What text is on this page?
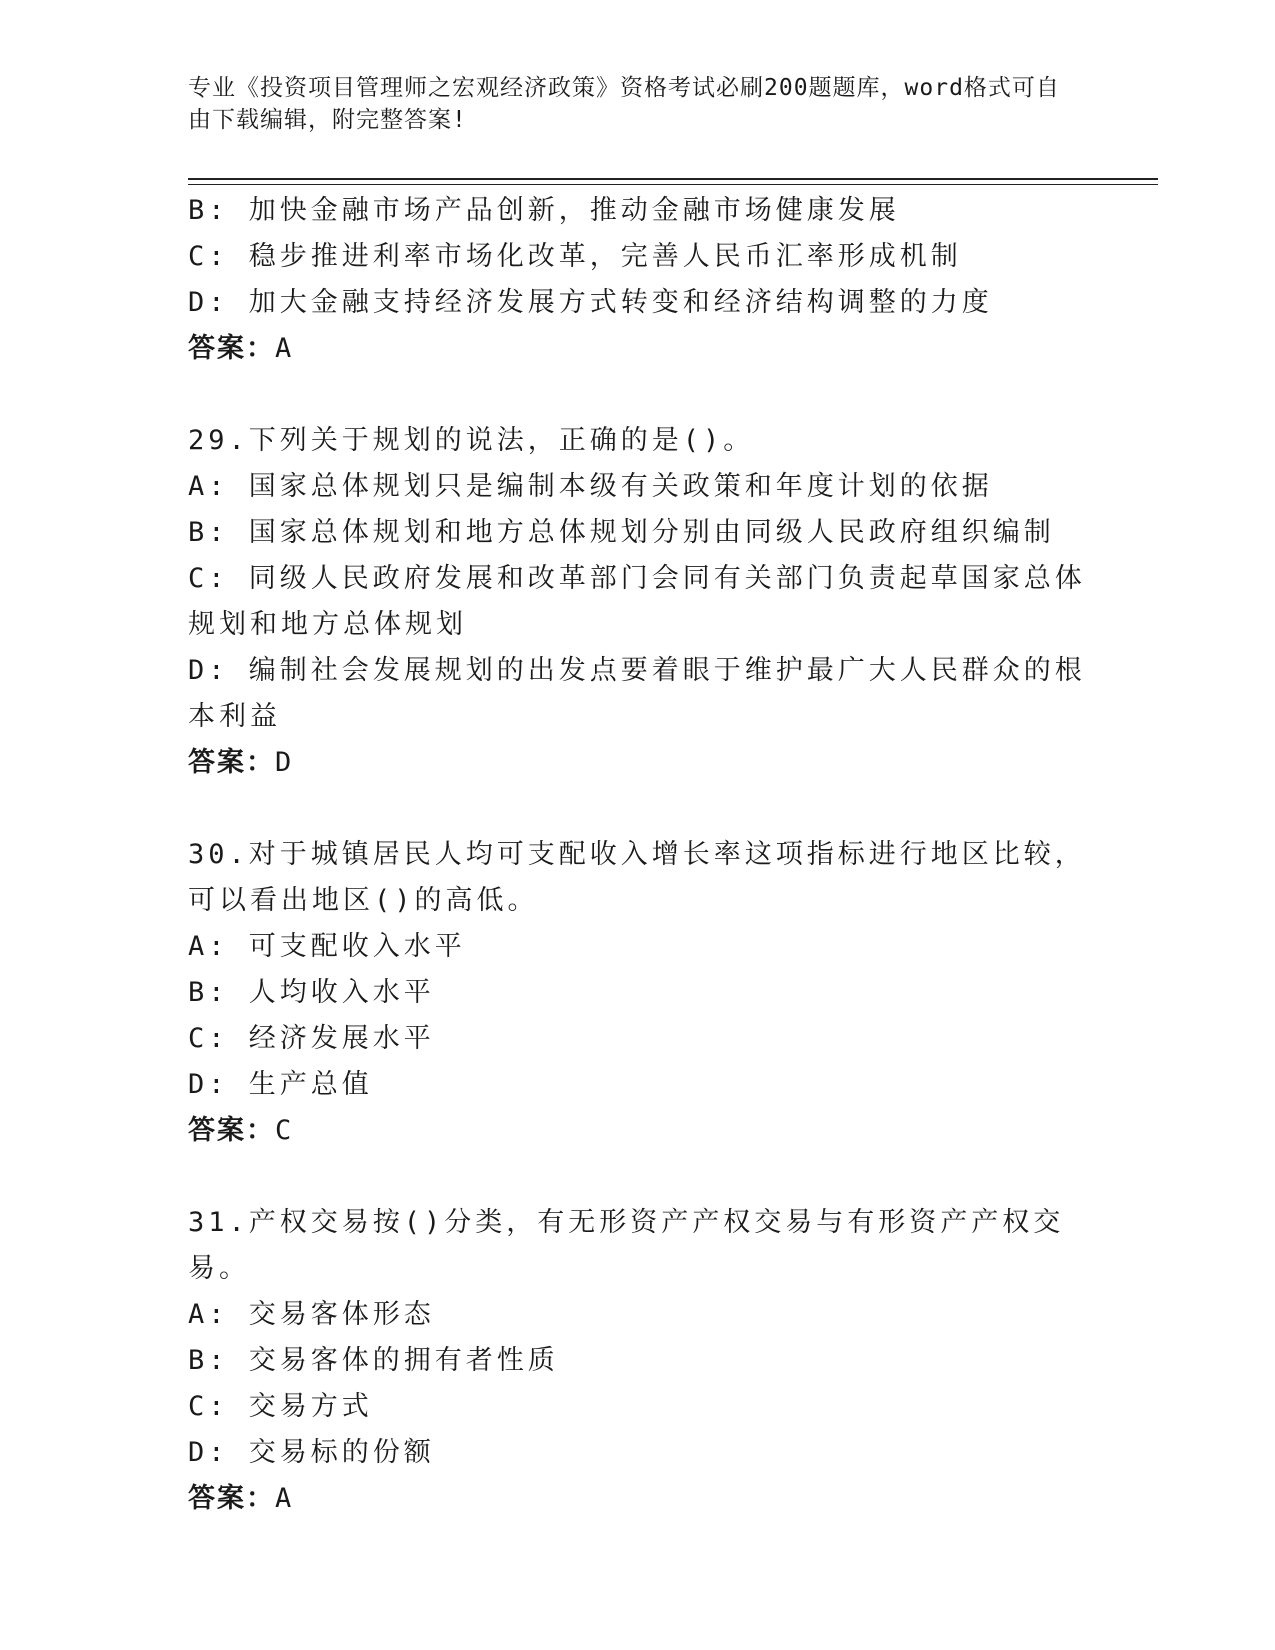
专业《投资项目管理师之宏观经济政策》资格考试必刷200题题库，word格式可自由下载编辑，附完整答案!

B: 加快金融市场产品创新，推动金融市场健康发展

C: 稳步推进利率市场化改革，完善人民币汇率形成机制

D: 加大金融支持经济发展方式转变和经济结构调整的力度

答案：A

29.下列关于规划的说法，正确的是()。

A: 国家总体规划只是编制本级有关政策和年度计划的依据

B: 国家总体规划和地方总体规划分别由同级人民政府组织编制

C: 同级人民政府发展和改革部门会同有关部门负责起草国家总体规划和地方总体规划

D: 编制社会发展规划的出发点要着眼于维护最广大人民群众的根本利益

答案：D

30.对于城镇居民人均可支配收入增长率这项指标进行地区比较，可以看出地区()的高低。

A: 可支配收入水平

B: 人均收入水平

C: 经济发展水平

D: 生产总值

答案：C

31.产权交易按()分类，有无形资产产权交易与有形资产产权交易。

A: 交易客体形态

B: 交易客体的拥有者性质

C: 交易方式

D: 交易标的份额

答案：A
